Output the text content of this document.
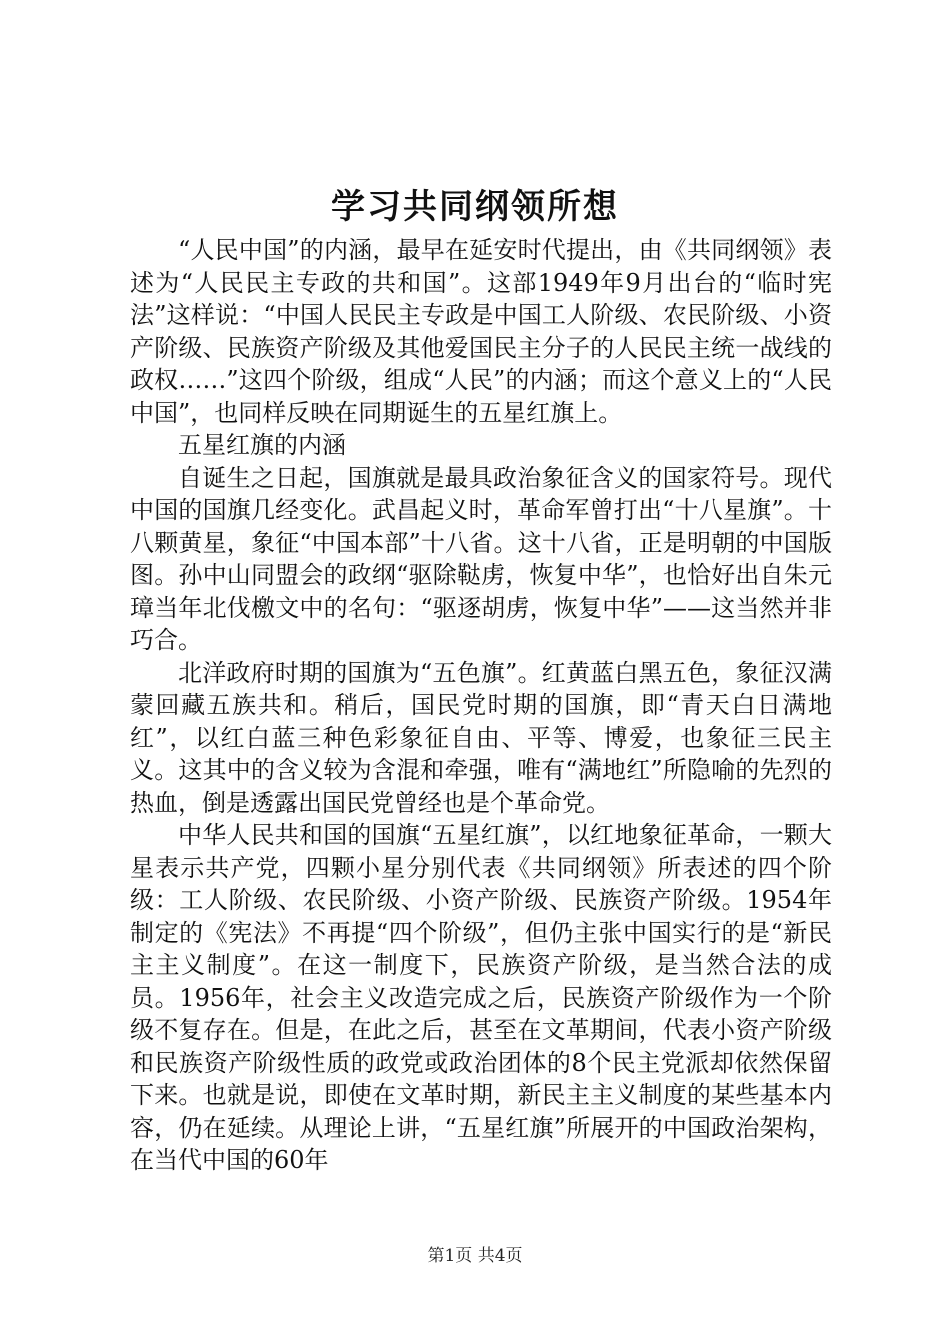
学习共同纲领所想

“人民中国”的内涵，最早在延安时代提出，由《共同纲领》表述为“人民民主专政的共和国”。这部1949年9月出台的“临时宪法”这样说：“中国人民民主专政是中国工人阶级、农民阶级、小资产阶级、民族资产阶级及其他爱国民主分子的人民民主统一战线的政权……”这四个阶级，组成“人民”的内涵；而这个意义上的“人民中国”，也同样反映在同期诞生的五星红旗上。

五星红旗的内涵

自诞生之日起，国旗就是最具政治象征含义的国家符号。现代中国的国旗几经变化。武昌起义时，革命军曾打出“十八星旗”。十八颗黄星，象征“中国本部”十八省。这十八省，正是明朝的中国版图。孙中山同盟会的政纲“驱除鞑虏，恢复中华”，也恰好出自朱元璋当年北伐檄文中的名句：“驱逐胡虏，恢复中华”——这当然并非巧合。

北洋政府时期的国旗为“五色旗”。红黄蓝白黑五色，象征汉满蒙回藏五族共和。稍后，国民党时期的国旗，即“青天白日满地红”，以红白蓝三种色彩象征自由、平等、博爱，也象征三民主义。这其中的含义较为含混和牵强，唯有“满地红”所隐喻的先烈的热血，倒是透露出国民党曾经也是个革命党。

中华人民共和国的国旗“五星红旗”，以红地象征革命，一颗大星表示共产党，四颗小星分别代表《共同纲领》所表述的四个阶级：工人阶级、农民阶级、小资产阶级、民族资产阶级。1954年制定的《宪法》不再提“四个阶级”，但仍主张中国实行的是“新民主主义制度”。在这一制度下，民族资产阶级，是当然合法的成员。1956年，社会主义改造完成之后，民族资产阶级作为一个阶级不复存在。但是，在此之后，甚至在文革期间，代表小资产阶级和民族资产阶级性质的政党或政治团体的8个民主党派却依然保留下来。也就是说，即使在文革时期，新民主主义制度的某些基本内容，仍在延续。从理论上讲，“五星红旗”所展开的中国政治架构，在当代中国的60年

第1页 共4页
